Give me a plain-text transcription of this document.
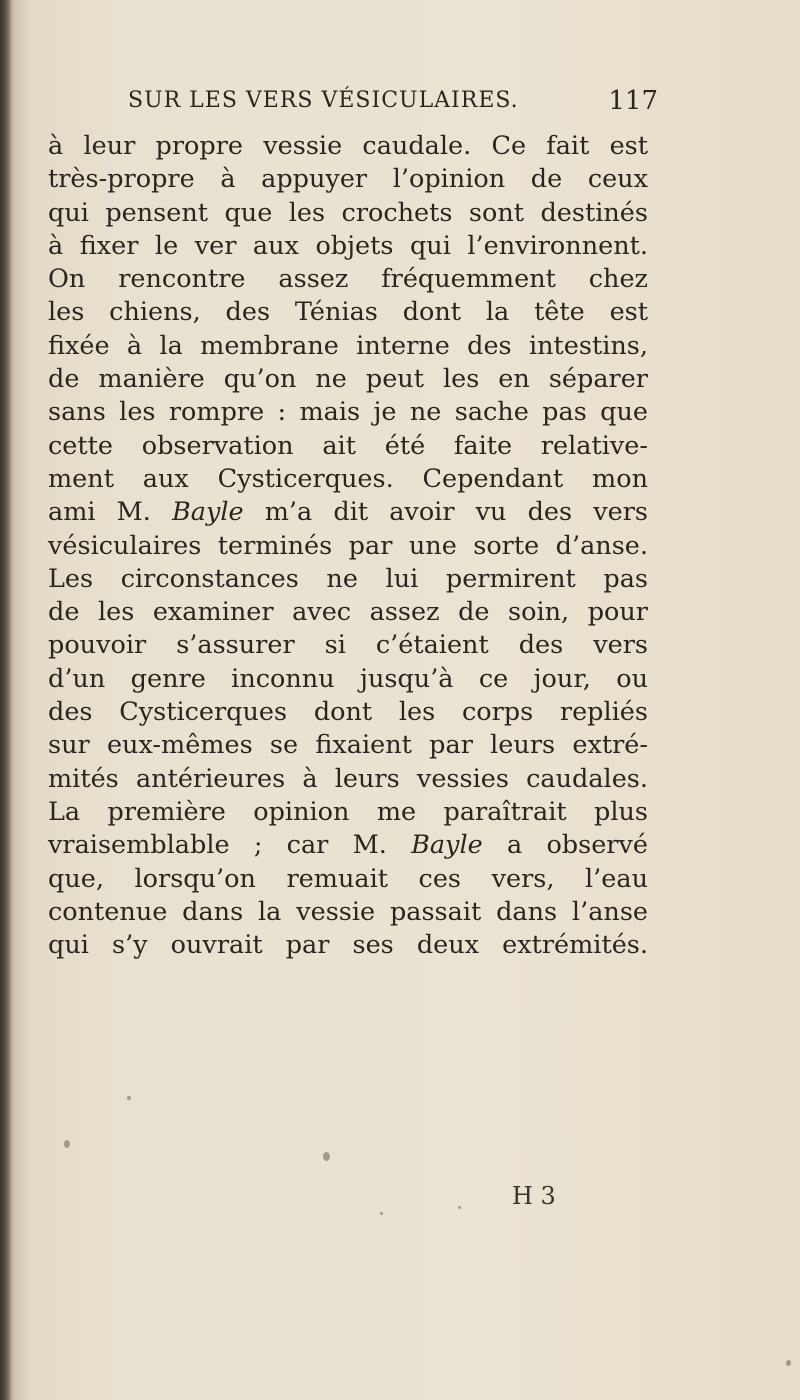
SUR LES VERS VÉSICULAIRES.	117
à leur propre vessie caudale. Ce fait est
très-propre à appuyer l’opinion de ceux
qui pensent que les crochets sont destinés
à fixer le ver aux objets qui l’environnent.
On rencontre assez fréquemment chez
les chiens, des Ténias dont la tête est
fixée à la membrane interne des intestins,
de manière qu’on ne peut les en séparer
sans les rompre : mais je ne sache pas que
cette observation ait été faite relative-
ment aux Cysticerques. Cependant mon
ami M. Bayle m’a dit avoir vu des vers
vésiculaires terminés par une sorte d’anse.
Les circonstances ne lui permirent pas
de les examiner avec assez de soin, pour
pouvoir s’assurer si c’étaient des vers
d’un genre inconnu jusqu’à ce jour, ou
des Cysticerques dont les corps repliés
sur eux-mêmes se fixaient par leurs extré-
mités antérieures à leurs vessies caudales.
La première opinion me paraîtrait plus
vraisemblable ; car M. Bayle a observé
que, lorsqu’on remuait ces vers, l’eau
contenue dans la vessie passait dans l’anse
qui s’y ouvrait par ses deux extrémités.
H 3
